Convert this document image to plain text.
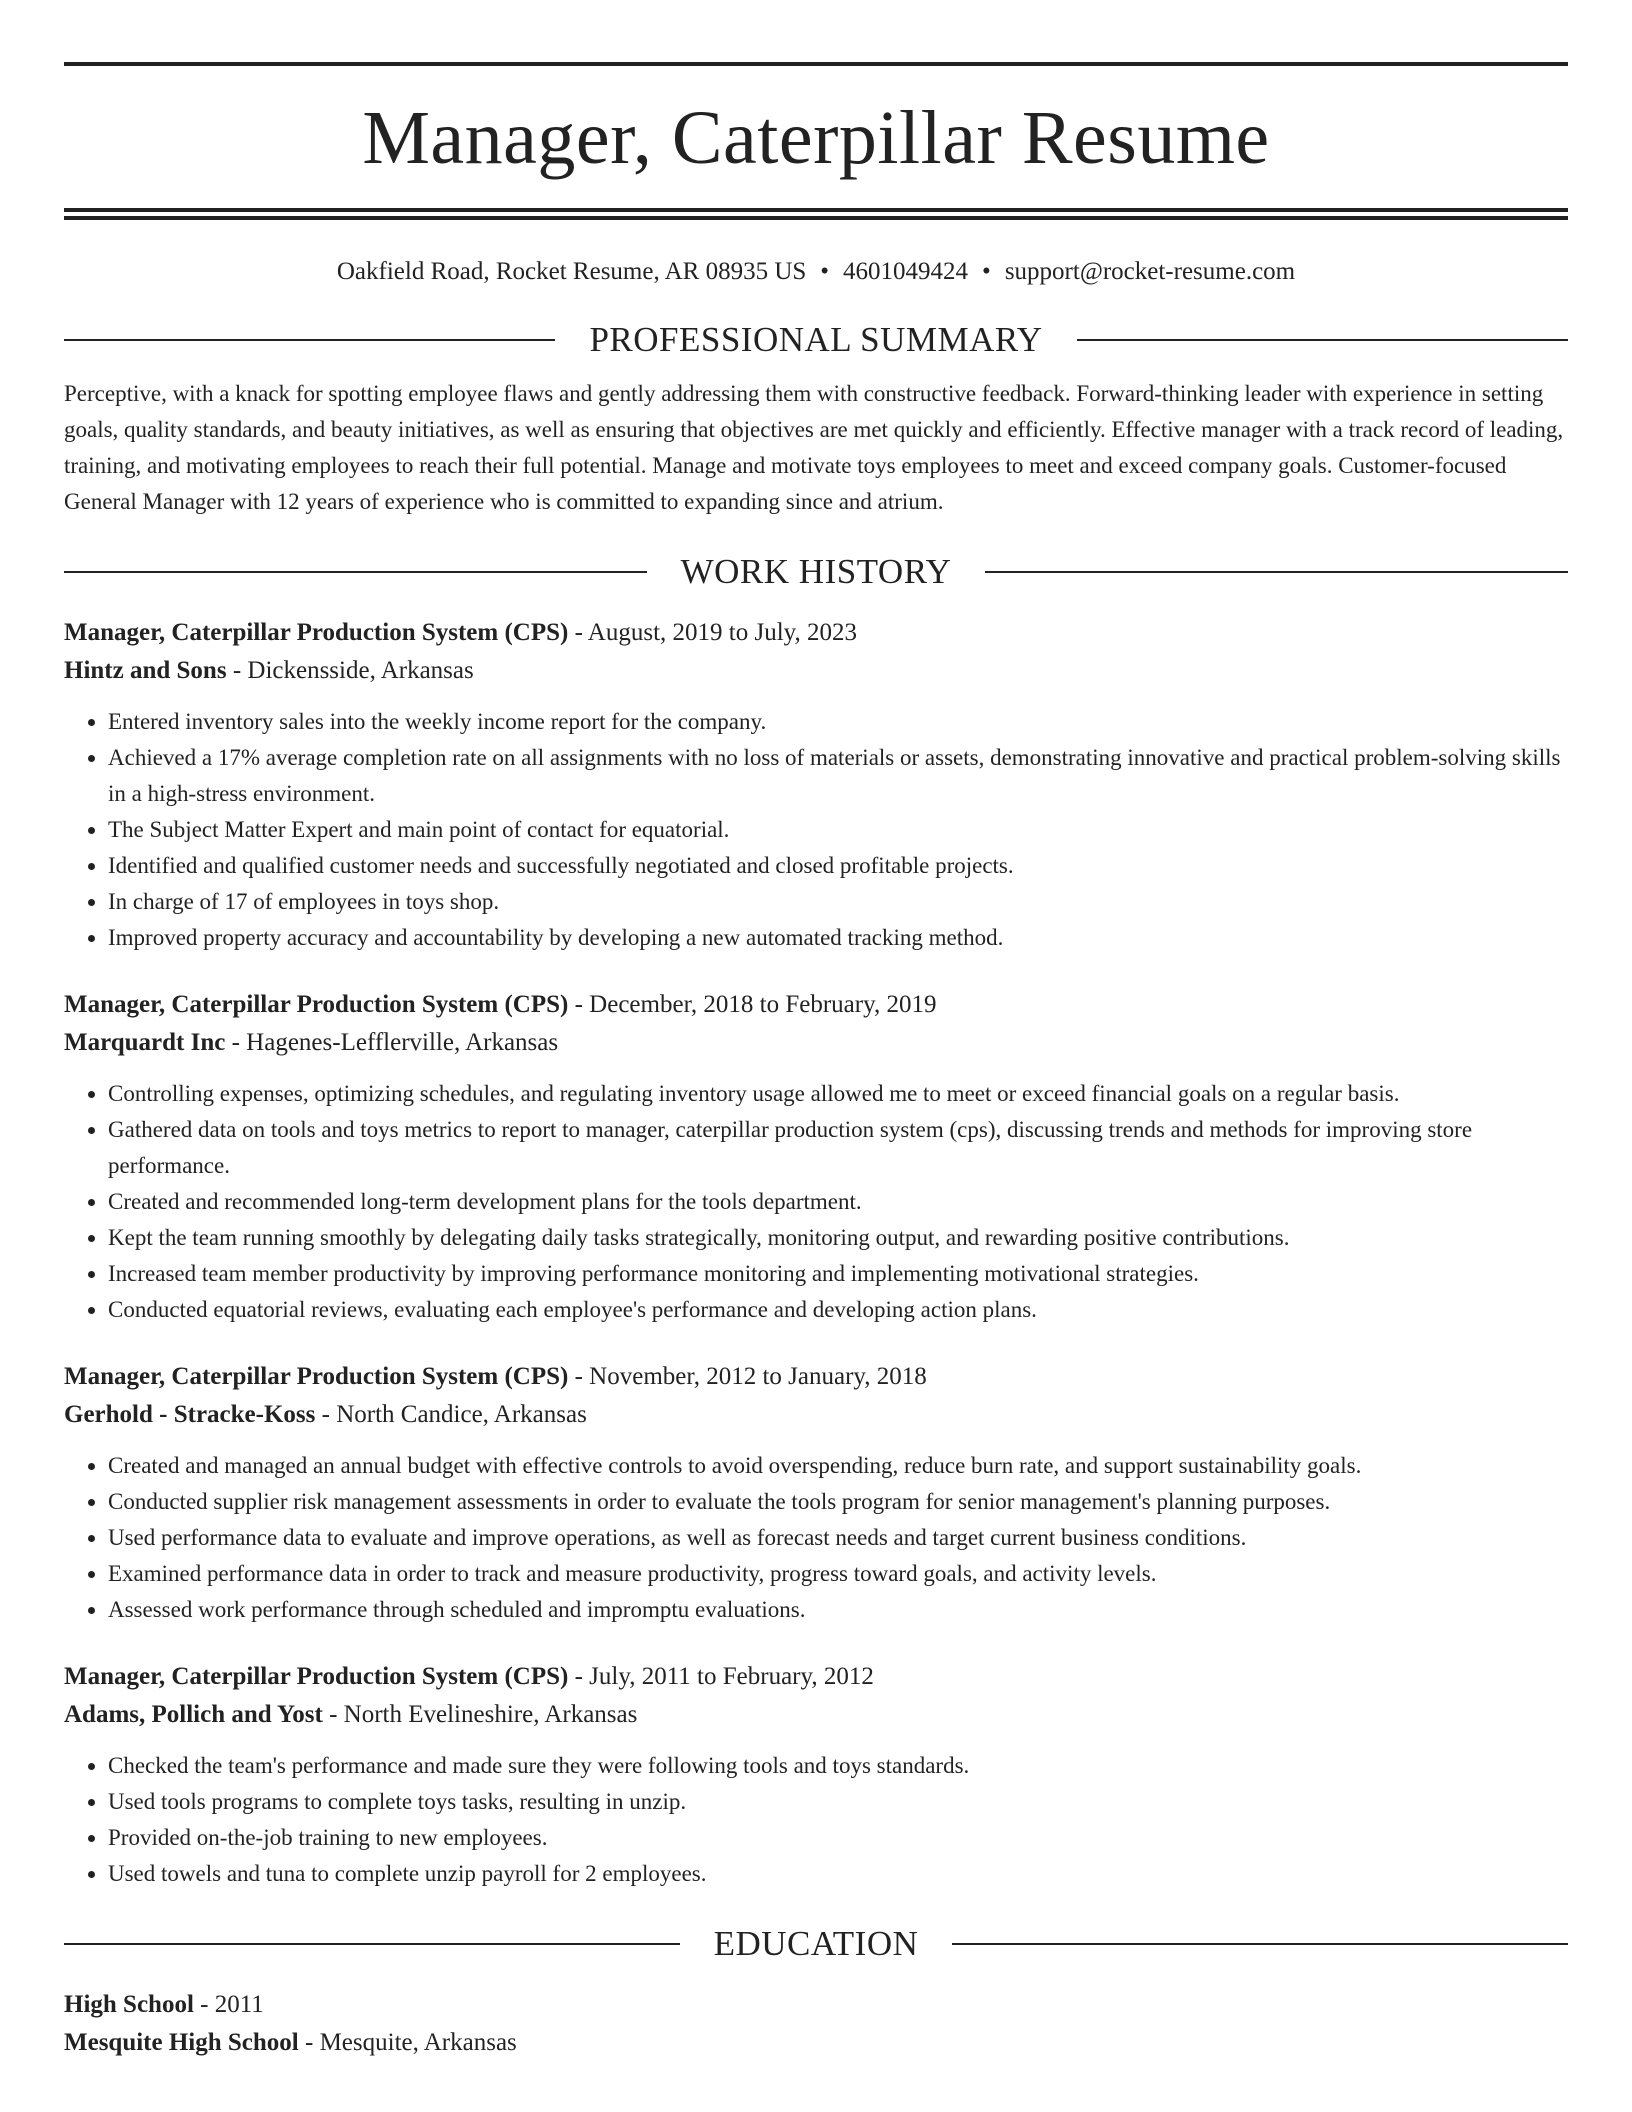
Manager, Caterpillar Resume
Oakfield Road, Rocket Resume, AR 08935 US • 4601049424 • support@rocket-resume.com
PROFESSIONAL SUMMARY

Perceptive, with a knack for spotting employee flaws and gently addressing them with constructive feedback. Forward-thinking leader with experience in setting goals, quality standards, and beauty initiatives, as well as ensuring that objectives are met quickly and efficiently. Effective manager with a track record of leading, training, and motivating employees to reach their full potential. Manage and motivate toys employees to meet and exceed company goals. Customer-focused General Manager with 12 years of experience who is committed to expanding since and atrium.

WORK HISTORY
Manager, Caterpillar Production System (CPS) - August, 2019 to July, 2023
Hintz and Sons - Dickensside, Arkansas
• Entered inventory sales into the weekly income report for the company.
• Achieved a 17% average completion rate on all assignments with no loss of materials or assets, demonstrating innovative and practical problem-solving skills in a high-stress environment.
• The Subject Matter Expert and main point of contact for equatorial.
• Identified and qualified customer needs and successfully negotiated and closed profitable projects.
• In charge of 17 of employees in toys shop.
• Improved property accuracy and accountability by developing a new automated tracking method.
Manager, Caterpillar Production System (CPS) - December, 2018 to February, 2019
Marquardt Inc - Hagenes-Lefflerville, Arkansas
• Controlling expenses, optimizing schedules, and regulating inventory usage allowed me to meet or exceed financial goals on a regular basis.
• Gathered data on tools and toys metrics to report to manager, caterpillar production system (cps), discussing trends and methods for improving store performance.
• Created and recommended long-term development plans for the tools department.
• Kept the team running smoothly by delegating daily tasks strategically, monitoring output, and rewarding positive contributions.
• Increased team member productivity by improving performance monitoring and implementing motivational strategies.
• Conducted equatorial reviews, evaluating each employee's performance and developing action plans.
Manager, Caterpillar Production System (CPS) - November, 2012 to January, 2018
Gerhold - Stracke-Koss - North Candice, Arkansas
• Created and managed an annual budget with effective controls to avoid overspending, reduce burn rate, and support sustainability goals.
• Conducted supplier risk management assessments in order to evaluate the tools program for senior management's planning purposes.
• Used performance data to evaluate and improve operations, as well as forecast needs and target current business conditions.
• Examined performance data in order to track and measure productivity, progress toward goals, and activity levels.
• Assessed work performance through scheduled and impromptu evaluations.
Manager, Caterpillar Production System (CPS) - July, 2011 to February, 2012
Adams, Pollich and Yost - North Evelineshire, Arkansas
• Checked the team's performance and made sure they were following tools and toys standards.
• Used tools programs to complete toys tasks, resulting in unzip.
• Provided on-the-job training to new employees.
• Used towels and tuna to complete unzip payroll for 2 employees.
EDUCATION
High School - 2011
Mesquite High School - Mesquite, Arkansas
